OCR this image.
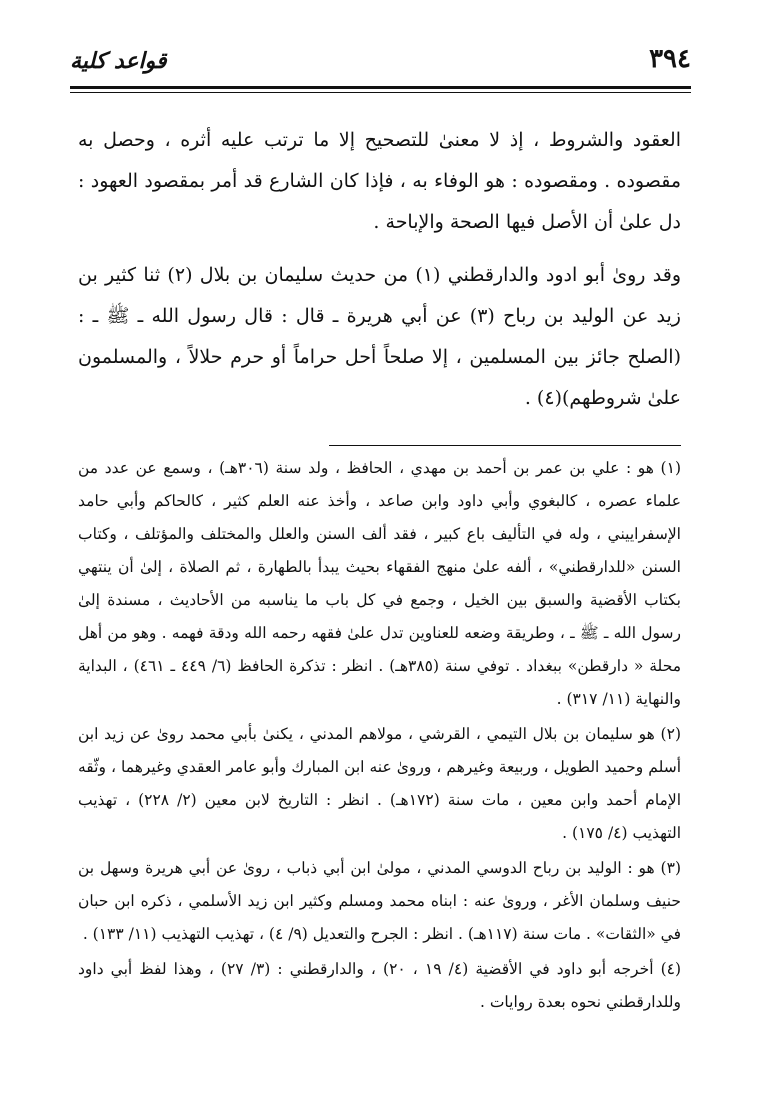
٣٩٤
قواعد كلية

العقود والشروط ، إذ لا معنىٰ للتصحيح إلا ما ترتب عليه أثره ، وحصل به مقصوده . ومقصوده : هو الوفاء به ، فإذا كان الشارع قد أمر بمقصود العهود : دل علىٰ أن الأصل فيها الصحة والإباحة .

وقد رویٰ أبو ادود والدارقطني (١) من حديث سليمان بن بلال (٢) ثنا كثير بن زيد عن الوليد بن رباح (٣) عن أبي هريرة ـ قال : قال رسول الله ـ ﷺ ـ : (الصلح جائز بين المسلمين ، إلا صلحاً أحل حراماً أو حرم حلالاً ، والمسلمون علىٰ شروطهم)(٤) .

(١) هو : علي بن عمر بن أحمد بن مهدي ، الحافظ ، ولد سنة (٣٠٦هـ) ، وسمع عن عدد من علماء عصره ، كالبغوي وأبي داود وابن صاعد ، وأخذ عنه العلم كثير ، كالحاكم وأبي حامد الإسفراييني ، وله في التأليف باع كبير ، فقد ألف السنن والعلل والمختلف والمؤتلف ، وكتاب السنن «للدارقطني» ، ألفه علىٰ منهج الفقهاء بحيث يبدأ بالطهارة ، ثم الصلاة ، إلىٰ أن ينتهي بكتاب الأقضية والسبق بين الخيل ، وجمع في كل باب ما يناسبه من الأحاديث ، مسندة إلىٰ رسول الله ـ ﷺ ـ ، وطريقة وضعه للعناوين تدل علىٰ فقهه رحمه الله ودقة فهمه . وهو من أهل محلة « دارقطن» ببغداد . توفي سنة (٣٨٥هـ) . انظر : تذكرة الحافظ (٦/ ٤٤٩ ـ ٤٦١) ، البداية والنهاية (١١/ ٣١٧) .

(٢) هو سليمان بن بلال التيمي ، القرشي ، مولاهم المدني ، يكنىٰ بأبي محمد روىٰ عن زيد ابن أسلم وحميد الطويل ، وربيعة وغيرهم ، وروىٰ عنه ابن المبارك وأبو عامر العقدي وغيرهما ، وثّقه الإمام أحمد وابن معين ، مات سنة (١٧٢هـ) . انظر : التاريخ لابن معين (٢/ ٢٢٨) ، تهذيب التهذيب (٤/ ١٧٥) .

(٣) هو : الوليد بن رباح الدوسي المدني ، مولىٰ ابن أبي ذباب ، روىٰ عن أبي هريرة وسهل بن حنيف وسلمان الأغر ، وروىٰ عنه : ابناه محمد ومسلم وكثير ابن زيد الأسلمي ، ذكره ابن حبان في «الثقات» . مات سنة (١١٧هـ) . انظر : الجرح والتعديل (٩/ ٤) ، تهذيب التهذيب (١١/ ١٣٣) .

(٤) أخرجه أبو داود في الأقضية (٤/ ١٩ ، ٢٠) ، والدارقطني : (٣/ ٢٧) ، وهذا لفظ أبي داود وللدارقطني نحوه بعدة روايات .
